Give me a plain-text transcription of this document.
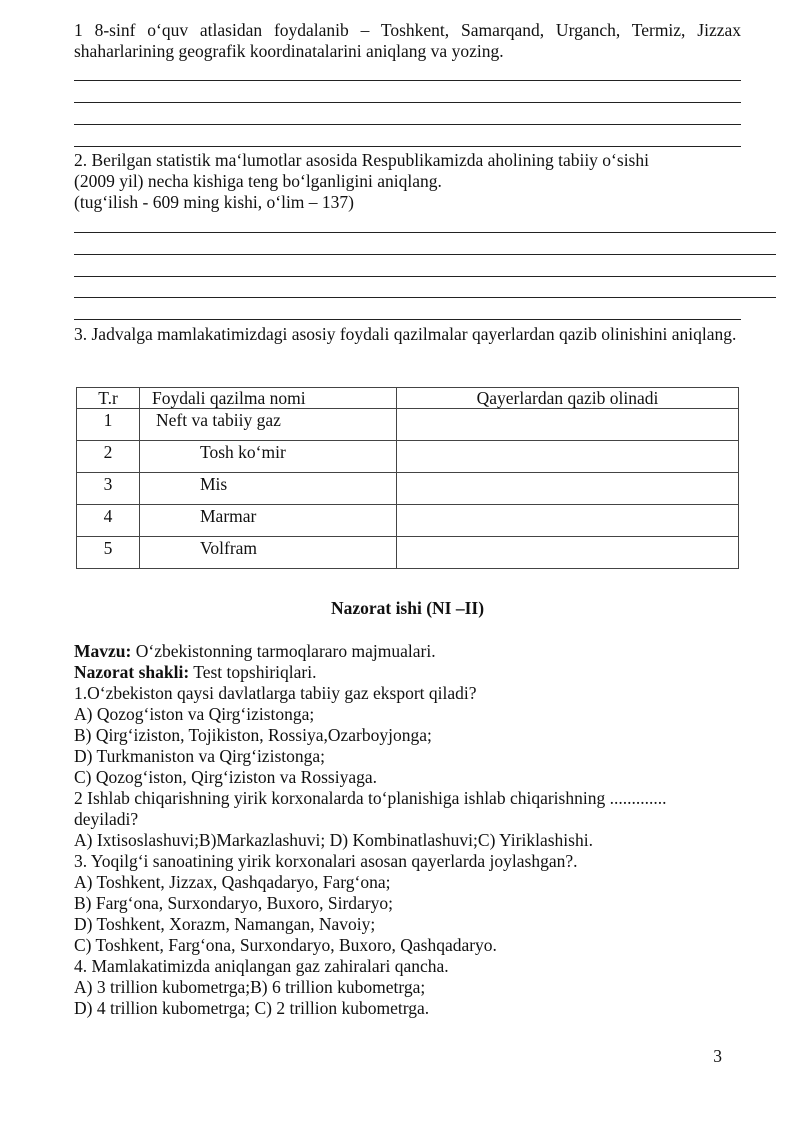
1 8-sinf o‘quv atlasidan foydalanib – Toshkent, Samarqand, Urganch, Termiz, Jizzax shaharlarining geografik koordinatalarini aniqlang va yozing.
2. Berilgan statistik ma‘lumotlar asosida Respublikamizda aholining tabiiy o‘sishi
(2009 yil) necha kishiga teng bo‘lganligini aniqlang.
(tug‘ilish - 609 ming kishi, o‘lim – 137)
3. Jadvalga mamlakatimizdagi asosiy foydali qazilmalar qayerlardan qazib olinishini aniqlang.
T.r	Foydali qazilma nomi	Qayerlardan qazib olinadi
1	Neft va tabiiy gaz	
2	Tosh ko‘mir	
3	Mis	
4	Marmar	
5	Volfram	
Nazorat ishi (NI –II)
Mavzu: O‘zbekistonning tarmoqlararo majmualari.
Nazorat shakli: Test topshiriqlari.
1.O‘zbekiston qaysi davlatlarga tabiiy gaz eksport qiladi?
A) Qozog‘iston va Qirg‘izistonga;
B) Qirg‘iziston, Tojikiston, Rossiya,Ozarboyjonga;
D) Turkmaniston va Qirg‘izistonga;
C) Qozog‘iston, Qirg‘iziston va Rossiyaga.
2 Ishlab chiqarishning yirik korxonalarda to‘planishiga ishlab chiqarishning .............
deyiladi?
A) Ixtisoslashuvi;B)Markazlashuvi; D) Kombinatlashuvi;C) Yiriklashishi.
3. Yoqilg‘i sanoatining yirik korxonalari asosan qayerlarda joylashgan?.
A) Toshkent, Jizzax, Qashqadaryo, Farg‘ona;
B) Farg‘ona, Surxondaryo, Buxoro, Sirdaryo;
D) Toshkent, Xorazm, Namangan, Navoiy;
C) Toshkent, Farg‘ona, Surxondaryo, Buxoro, Qashqadaryo.
4. Mamlakatimizda aniqlangan gaz zahiralari qancha.
A) 3 trillion kubometrga;B) 6 trillion kubometrga;
D) 4 trillion kubometrga; C) 2 trillion kubometrga.
3
